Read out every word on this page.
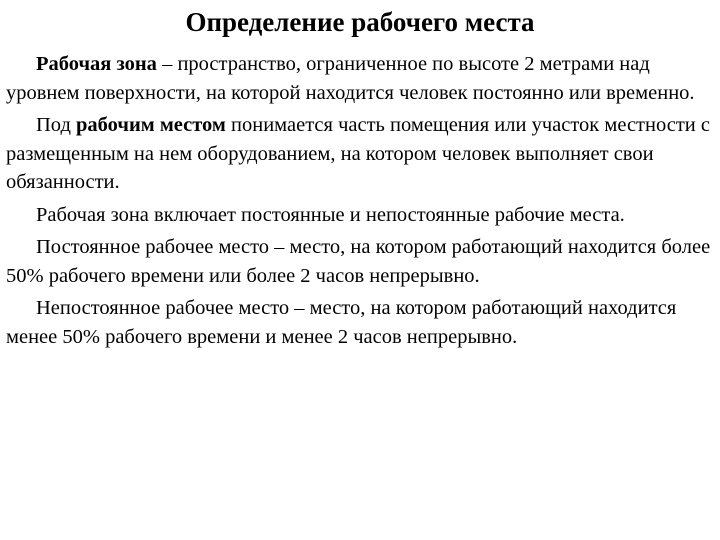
Определение рабочего места

Рабочая зона – пространство, ограниченное по высоте 2 метрами над уровнем поверхности, на которой находится человек постоянно или временно.

Под рабочим местом понимается часть помещения или участок местности с размещенным на нем оборудованием, на котором человек выполняет свои обязанности.

Рабочая зона включает постоянные и непостоянные рабочие места.

Постоянное рабочее место – место, на котором работающий находится более 50% рабочего времени или более 2 часов непрерывно.

Непостоянное рабочее место – место, на котором работающий находится менее 50% рабочего времени и менее 2 часов непрерывно.
